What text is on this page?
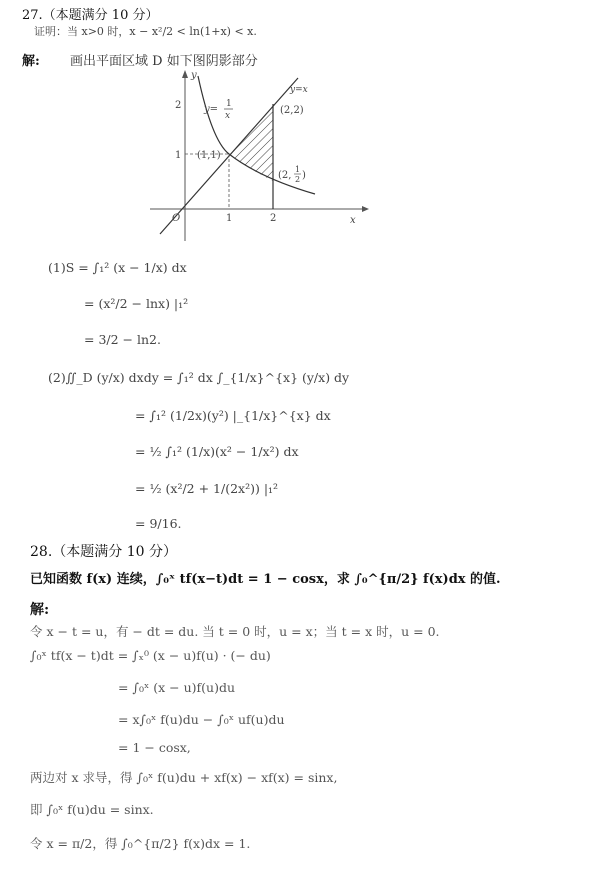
27.（本题满分 10 分）
证明：当 x>0 时，x − x²/2 < ln(1+x) < x.
解: 画出平面区域 D 如下图阴影部分
y
x
O	1	2
1
2 y= 1
x
y=x
(2,2)
(1,1)
(2,
1
2 )
(1)S = ∫₁² (x − 1/x) dx
= (x²/2 − lnx) |₁²
= 3/2 − ln2.
(2)∬_D (y/x) dxdy = ∫₁² dx ∫_{1/x}^{x} (y/x) dy
= ∫₁² (1/2x)(y²) |_{1/x}^{x} dx
= ½ ∫₁² (1/x)(x² − 1/x²) dx
= ½ (x²/2 + 1/(2x²)) |₁²
= 9/16.
28.（本题满分 10 分）
已知函数 f(x) 连续，∫₀ˣ tf(x−t)dt = 1 − cosx，求 ∫₀^{π/2} f(x)dx 的值.
解:
令 x − t = u，有 − dt = du. 当 t = 0 时，u = x；当 t = x 时，u = 0.
∫₀ˣ tf(x − t)dt = ∫ₓ⁰ (x − u)f(u) · (− du)
= ∫₀ˣ (x − u)f(u)du
= x∫₀ˣ f(u)du − ∫₀ˣ uf(u)du
= 1 − cosx,
两边对 x 求导，得 ∫₀ˣ f(u)du + xf(x) − xf(x) = sinx,
即 ∫₀ˣ f(u)du = sinx.
令 x = π/2，得 ∫₀^{π/2} f(x)dx = 1.
